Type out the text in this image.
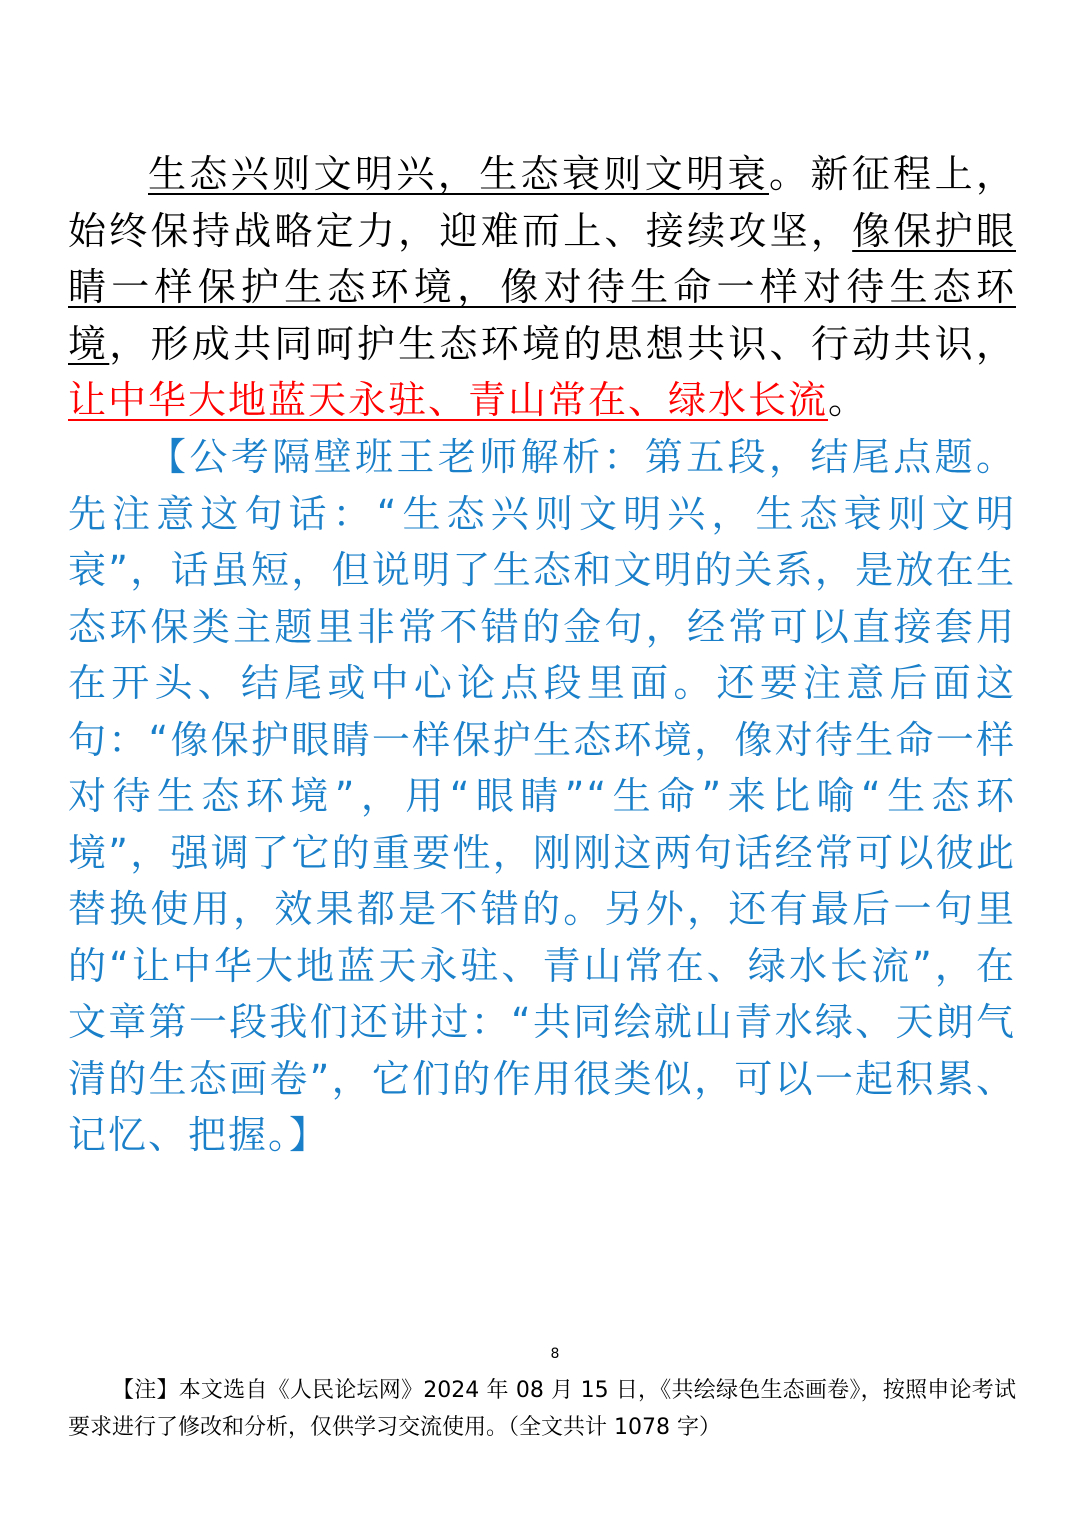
生态兴则文明兴，生态衰则文明衰。新征程上，始终保持战略定力，迎难而上、接续攻坚，像保护眼睛一样保护生态环境，像对待生命一样对待生态环境，形成共同呵护生态环境的思想共识、行动共识，让中华大地蓝天永驻、青山常在、绿水长流。

【公考隔壁班王老师解析：第五段，结尾点题。先注意这句话：“生态兴则文明兴，生态衰则文明衰”，话虽短，但说明了生态和文明的关系，是放在生态环保类主题里非常不错的金句，经常可以直接套用在开头、结尾或中心论点段里面。还要注意后面这句：“像保护眼睛一样保护生态环境，像对待生命一样对待生态环境”，用“眼睛”“生命”来比喻“生态环境”，强调了它的重要性，刚刚这两句话经常可以彼此替换使用，效果都是不错的。另外，还有最后一句里的“让中华大地蓝天永驻、青山常在、绿水长流”，在文章第一段我们还讲过：“共同绘就山青水绿、天朗气清的生态画卷”，它们的作用很类似，可以一起积累、记忆、把握。】

8

【注】本文选自《人民论坛网》2024 年 08 月 15 日，《共绘绿色生态画卷》，按照申论考试要求进行了修改和分析，仅供学习交流使用。（全文共计 1078 字）
